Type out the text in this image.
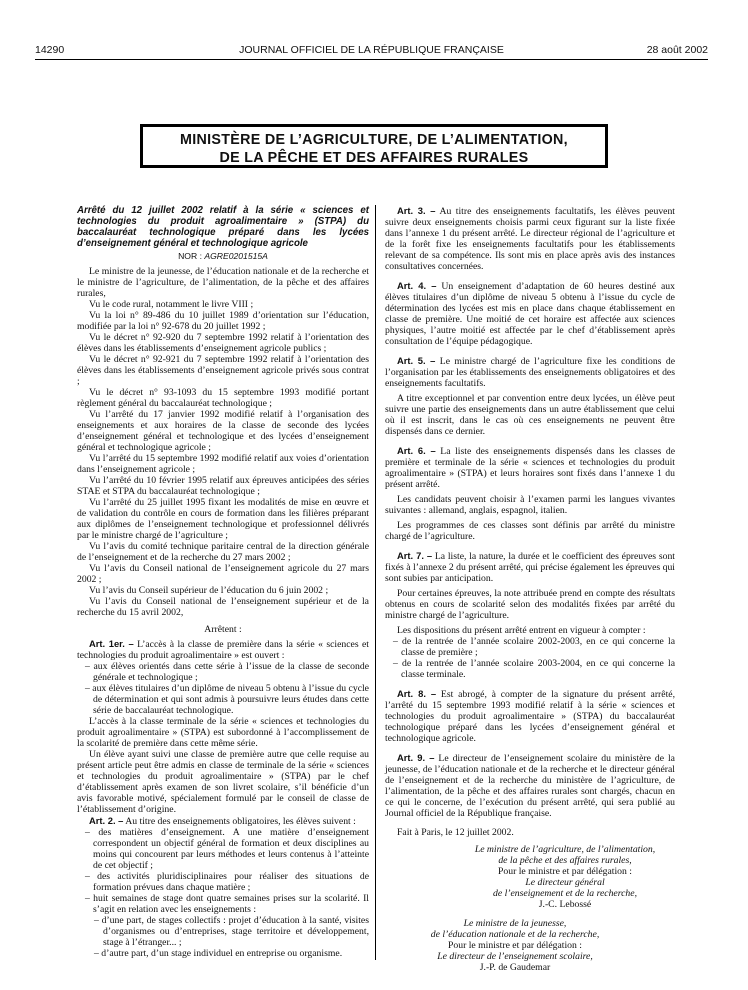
14290	JOURNAL OFFICIEL DE LA RÉPUBLIQUE FRANÇAISE	28 août 2002
MINISTÈRE DE L’AGRICULTURE, DE L’ALIMENTATION,
DE LA PÊCHE ET DES AFFAIRES RURALES

Arrêté du 12 juillet 2002 relatif à la série « sciences et technologies du produit agroalimentaire » (STPA) du baccalauréat technologique préparé dans les lycées d’enseignement général et technologique agricole

NOR : AGRE0201515A

Le ministre de la jeunesse, de l’éducation nationale et de la recherche et le ministre de l’agriculture, de l’alimentation, de la pêche et des affaires rurales,

Vu le code rural, notamment le livre VIII ;

Vu la loi n° 89-486 du 10 juillet 1989 d’orientation sur l’éducation, modifiée par la loi n° 92-678 du 20 juillet 1992 ;

Vu le décret n° 92-920 du 7 septembre 1992 relatif à l’orientation des élèves dans les établissements d’enseignement agricole publics ;

Vu le décret n° 92-921 du 7 septembre 1992 relatif à l’orientation des élèves dans les établissements d’enseignement agricole privés sous contrat ;

Vu le décret n° 93-1093 du 15 septembre 1993 modifié portant règlement général du baccalauréat technologique ;

Vu l’arrêté du 17 janvier 1992 modifié relatif à l’organisation des enseignements et aux horaires de la classe de seconde des lycées d’enseignement général et technologique et des lycées d’enseignement général et technologique agricole ;

Vu l’arrêté du 15 septembre 1992 modifié relatif aux voies d’orientation dans l’enseignement agricole ;

Vu l’arrêté du 10 février 1995 relatif aux épreuves anticipées des séries STAE et STPA du baccalauréat technologique ;

Vu l’arrêté du 25 juillet 1995 fixant les modalités de mise en œuvre et de validation du contrôle en cours de formation dans les filières préparant aux diplômes de l’enseignement technologique et professionnel délivrés par le ministre chargé de l’agriculture ;

Vu l’avis du comité technique paritaire central de la direction générale de l’enseignement et de la recherche du 27 mars 2002 ;

Vu l’avis du Conseil national de l’enseignement agricole du 27 mars 2002 ;

Vu l’avis du Conseil supérieur de l’éducation du 6 juin 2002 ;

Vu l’avis du Conseil national de l’enseignement supérieur et de la recherche du 15 avril 2002,

Arrêtent :

Art. 1er. – L’accès à la classe de première dans la série « sciences et technologies du produit agroalimentaire » est ouvert :

– aux élèves orientés dans cette série à l’issue de la classe de seconde générale et technologique ;

– aux élèves titulaires d’un diplôme de niveau 5 obtenu à l’issue du cycle de détermination et qui sont admis à poursuivre leurs études dans cette série de baccalauréat technologique.

L’accès à la classe terminale de la série « sciences et technologies du produit agroalimentaire » (STPA) est subordonné à l’accomplissement de la scolarité de première dans cette même série.

Un élève ayant suivi une classe de première autre que celle requise au présent article peut être admis en classe de terminale de la série « sciences et technologies du produit agroalimentaire » (STPA) par le chef d’établissement après examen de son livret scolaire, s’il bénéficie d’un avis favorable motivé, spécialement formulé par le conseil de classe de l’établissement d’origine.

Art. 2. – Au titre des enseignements obligatoires, les élèves suivent :

– des matières d’enseignement. A une matière d’enseignement correspondent un objectif général de formation et deux disciplines au moins qui concourent par leurs méthodes et leurs contenus à l’atteinte de cet objectif ;

– des activités pluridisciplinaires pour réaliser des situations de formation prévues dans chaque matière ;

– huit semaines de stage dont quatre semaines prises sur la scolarité. Il s’agit en relation avec les enseignements :

– d’une part, de stages collectifs : projet d’éducation à la santé, visites d’organismes ou d’entreprises, stage territoire et développement, stage à l’étranger... ;

– d’autre part, d’un stage individuel en entreprise ou organisme.

Art. 3. – Au titre des enseignements facultatifs, les élèves peuvent suivre deux enseignements choisis parmi ceux figurant sur la liste fixée dans l’annexe 1 du présent arrêté. Le directeur régional de l’agriculture et de la forêt fixe les enseignements facultatifs pour les établissements relevant de sa compétence. Ils sont mis en place après avis des instances consultatives concernées.

Art. 4. – Un enseignement d’adaptation de 60 heures destiné aux élèves titulaires d’un diplôme de niveau 5 obtenu à l’issue du cycle de détermination des lycées est mis en place dans chaque établissement en classe de première. Une moitié de cet horaire est affectée aux sciences physiques, l’autre moitié est affectée par le chef d’établissement après consultation de l’équipe pédagogique.

Art. 5. – Le ministre chargé de l’agriculture fixe les conditions de l’organisation par les établissements des enseignements obligatoires et des enseignements facultatifs.

A titre exceptionnel et par convention entre deux lycées, un élève peut suivre une partie des enseignements dans un autre établissement que celui où il est inscrit, dans le cas où ces enseignements ne peuvent être dispensés dans ce dernier.

Art. 6. – La liste des enseignements dispensés dans les classes de première et terminale de la série « sciences et technologies du produit agroalimentaire » (STPA) et leurs horaires sont fixés dans l’annexe 1 du présent arrêté.

Les candidats peuvent choisir à l’examen parmi les langues vivantes suivantes : allemand, anglais, espagnol, italien.

Les programmes de ces classes sont définis par arrêté du ministre chargé de l’agriculture.

Art. 7. – La liste, la nature, la durée et le coefficient des épreuves sont fixés à l’annexe 2 du présent arrêté, qui précise également les épreuves qui sont subies par anticipation.

Pour certaines épreuves, la note attribuée prend en compte des résultats obtenus en cours de scolarité selon des modalités fixées par arrêté du ministre chargé de l’agriculture.

Les dispositions du présent arrêté entrent en vigueur à compter :

– de la rentrée de l’année scolaire 2002-2003, en ce qui concerne la classe de première ;

– de la rentrée de l’année scolaire 2003-2004, en ce qui concerne la classe terminale.

Art. 8. – Est abrogé, à compter de la signature du présent arrêté, l’arrêté du 15 septembre 1993 modifié relatif à la série « sciences et technologies du produit agroalimentaire » (STPA) du baccalauréat technologique préparé dans les lycées d’enseignement général et technologique agricole.

Art. 9. – Le directeur de l’enseignement scolaire du ministère de la jeunesse, de l’éducation nationale et de la recherche et le directeur général de l’enseignement et de la recherche du ministère de l’agriculture, de l’alimentation, de la pêche et des affaires rurales sont chargés, chacun en ce qui le concerne, de l’exécution du présent arrêté, qui sera publié au Journal officiel de la République française.

Fait à Paris, le 12 juillet 2002.

Le ministre de l’agriculture, de l’alimentation,
de la pêche et des affaires rurales,
Pour le ministre et par délégation :
Le directeur général
de l’enseignement et de la recherche,
J.-C. Lebossé
Le ministre de la jeunesse,
de l’éducation nationale et de la recherche,
Pour le ministre et par délégation :
Le directeur de l’enseignement scolaire,
J.-P. de Gaudemar
